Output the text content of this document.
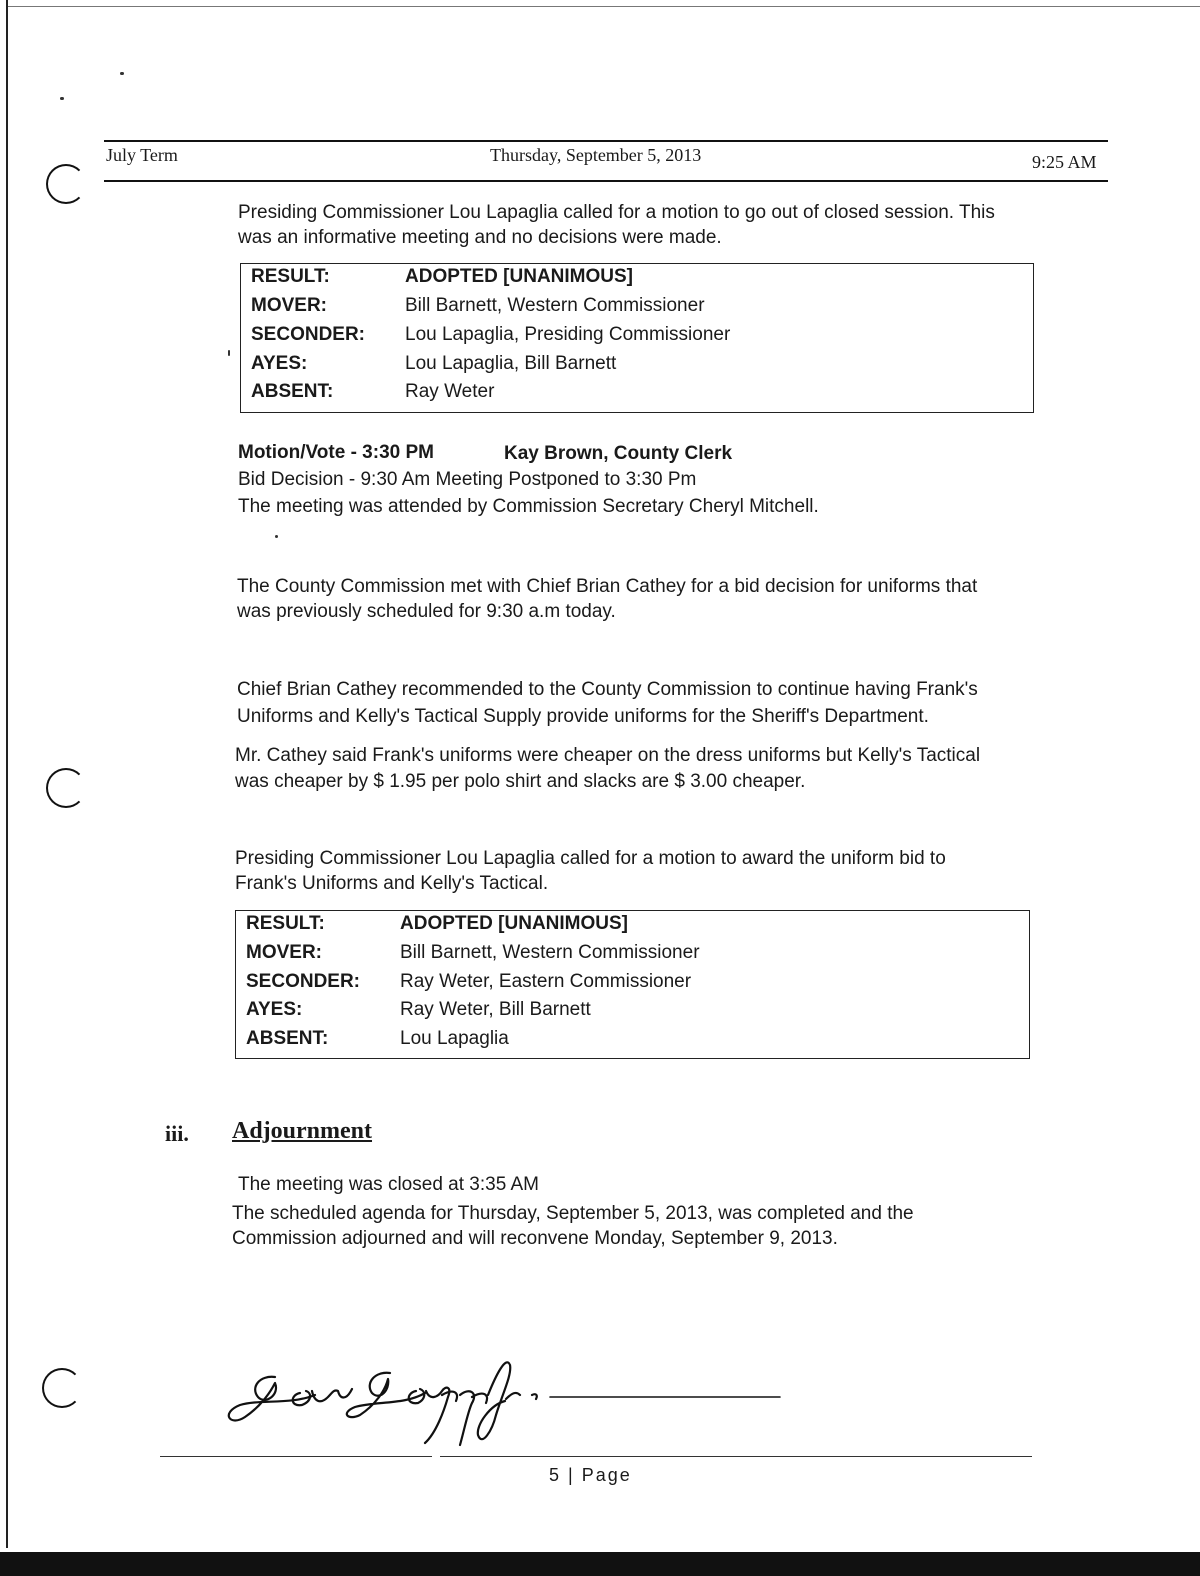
July Term	Thursday, September 5, 2013	9:25 AM

Presiding Commissioner Lou Lapaglia called for a motion to go out of closed session. This

was an informative meeting and no decisions were made.

RESULT:	ADOPTED [UNANIMOUS]
MOVER:	Bill Barnett, Western Commissioner
SECONDER: Lou Lapaglia, Presiding Commissioner
AYES:	Lou Lapaglia, Bill Barnett
ABSENT:	Ray Weter
Motion/Vote - 3:30 PM	Kay Brown, County Clerk

Bid Decision - 9:30 Am Meeting Postponed to 3:30 Pm

The meeting was attended by Commission Secretary Cheryl Mitchell.

The County Commission met with Chief Brian Cathey for a bid decision for uniforms that

was previously scheduled for 9:30 a.m today.

Chief Brian Cathey recommended to the County Commission to continue having Frank's

Uniforms and Kelly's Tactical Supply provide uniforms for the Sheriff's Department.

Mr. Cathey said Frank's uniforms were cheaper on the dress uniforms but Kelly's Tactical

was cheaper by $ 1.95 per polo shirt and slacks are $ 3.00 cheaper.

Presiding Commissioner Lou Lapaglia called for a motion to award the uniform bid to

Frank's Uniforms and Kelly's Tactical.

RESULT:	ADOPTED [UNANIMOUS]
MOVER:	Bill Barnett, Western Commissioner
SECONDER: Ray Weter, Eastern Commissioner
AYES:	Ray Weter, Bill Barnett
ABSENT:	Lou Lapaglia
iii. Adjournment

The meeting was closed at 3:35 AM

The scheduled agenda for Thursday, September 5, 2013, was completed and the

Commission adjourned and will reconvene Monday, September 9, 2013.

5 | Page
